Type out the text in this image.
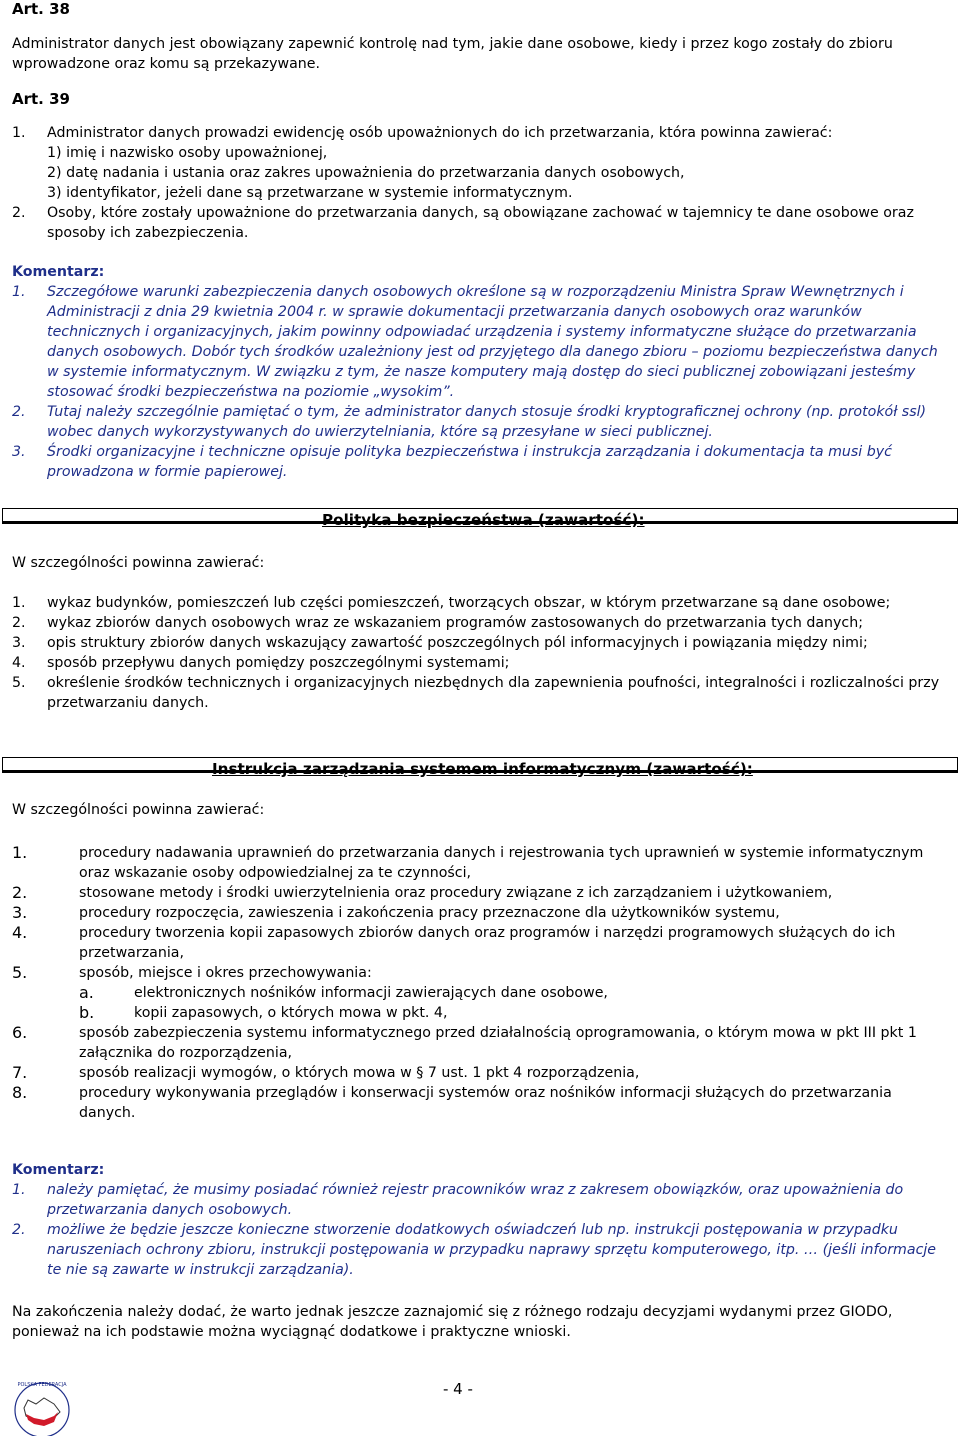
Art. 38

Administrator danych jest obowiązany zapewnić kontrolę nad tym, jakie dane osobowe, kiedy i przez kogo zostały do zbioru wprowadzone oraz komu są przekazywane.

Art. 39

1.	Administrator danych prowadzi ewidencję osób upoważnionych do ich przetwarzania, która powinna zawierać:

1) imię i nazwisko osoby upoważnionej,

2) datę nadania i ustania oraz zakres upoważnienia do przetwarzania danych osobowych,

3) identyfikator, jeżeli dane są przetwarzane w systemie informatycznym.

2.	Osoby, które zostały upoważnione do przetwarzania danych, są obowiązane zachować w tajemnicy te dane osobowe oraz sposoby ich zabezpieczenia.

Komentarz:

1.	Szczegółowe warunki zabezpieczenia danych osobowych określone są w rozporządzeniu Ministra Spraw Wewnętrznych i Administracji z dnia 29 kwietnia 2004 r. w sprawie dokumentacji przetwarzania danych osobowych oraz warunków technicznych i organizacyjnych, jakim powinny odpowiadać urządzenia i systemy informatyczne służące do przetwarzania danych osobowych. Dobór tych środków uzależniony jest od przyjętego dla danego zbioru – poziomu bezpieczeństwa danych w systemie informatycznym. W związku z tym, że nasze komputery mają dostęp do sieci publicznej zobowiązani jesteśmy stosować środki bezpieczeństwa na poziomie „wysokim”.
2.	Tutaj należy szczególnie pamiętać o tym, że administrator danych stosuje środki kryptograficznej ochrony (np. protokół ssl) wobec danych wykorzystywanych do uwierzytelniania, które są przesyłane w sieci publicznej.
3.	Środki organizacyjne i techniczne opisuje polityka bezpieczeństwa i instrukcja zarządzania i dokumentacja ta musi być prowadzona w formie papierowej.
Polityka bezpieczeństwa (zawartość):

W szczególności powinna zawierać:

1.	wykaz budynków, pomieszczeń lub części pomieszczeń, tworzących obszar, w którym przetwarzane są dane osobowe;
2.	wykaz zbiorów danych osobowych wraz ze wskazaniem programów zastosowanych do przetwarzania tych danych;
3.	opis struktury zbiorów danych wskazujący zawartość poszczególnych pól informacyjnych i powiązania między nimi;
4.	sposób przepływu danych pomiędzy poszczególnymi systemami;
5.	określenie środków technicznych i organizacyjnych niezbędnych dla zapewnienia poufności, integralności i rozliczalności przy przetwarzaniu danych.
Instrukcja zarządzania systemem informatycznym (zawartość):

W szczególności powinna zawierać:

1.	procedury nadawania uprawnień do przetwarzania danych i rejestrowania tych uprawnień w systemie informatycznym oraz wskazanie osoby odpowiedzialnej za te czynności,
2.	stosowane metody i środki uwierzytelnienia oraz procedury związane z ich zarządzaniem i użytkowaniem,
3.	procedury rozpoczęcia, zawieszenia i zakończenia pracy przeznaczone dla użytkowników systemu,
4.	procedury tworzenia kopii zapasowych zbiorów danych oraz programów i narzędzi programowych służących do ich przetwarzania,
5.	sposób, miejsce i okres przechowywania:
a.	elektronicznych nośników informacji zawierających dane osobowe,
b.	kopii zapasowych, o których mowa w pkt. 4,
6.	sposób zabezpieczenia systemu informatycznego przed działalnością oprogramowania, o którym mowa w pkt III pkt 1 załącznika do rozporządzenia,
7.	sposób realizacji wymogów, o których mowa w § 7 ust. 1 pkt 4 rozporządzenia,
8.	procedury wykonywania przeglądów i konserwacji systemów oraz nośników informacji służących do przetwarzania danych.

Komentarz:

1.	należy pamiętać, że musimy posiadać również rejestr pracowników wraz z zakresem obowiązków, oraz upoważnienia do przetwarzania danych osobowych.
2.	możliwe że będzie jeszcze konieczne stworzenie dodatkowych oświadczeń lub np. instrukcji postępowania w przypadku naruszeniach ochrony zbioru, instrukcji postępowania w przypadku naprawy sprzętu komputerowego, itp. … (jeśli informacje te nie są zawarte w instrukcji zarządzania).

Na zakończenia należy dodać, że warto jednak jeszcze zaznajomić się z różnego rodzaju decyzjami wydanymi przez GIODO, ponieważ na ich podstawie można wyciągnąć dodatkowe i praktyczne wnioski.

POLSKA FEDERACJA	- 4 -
